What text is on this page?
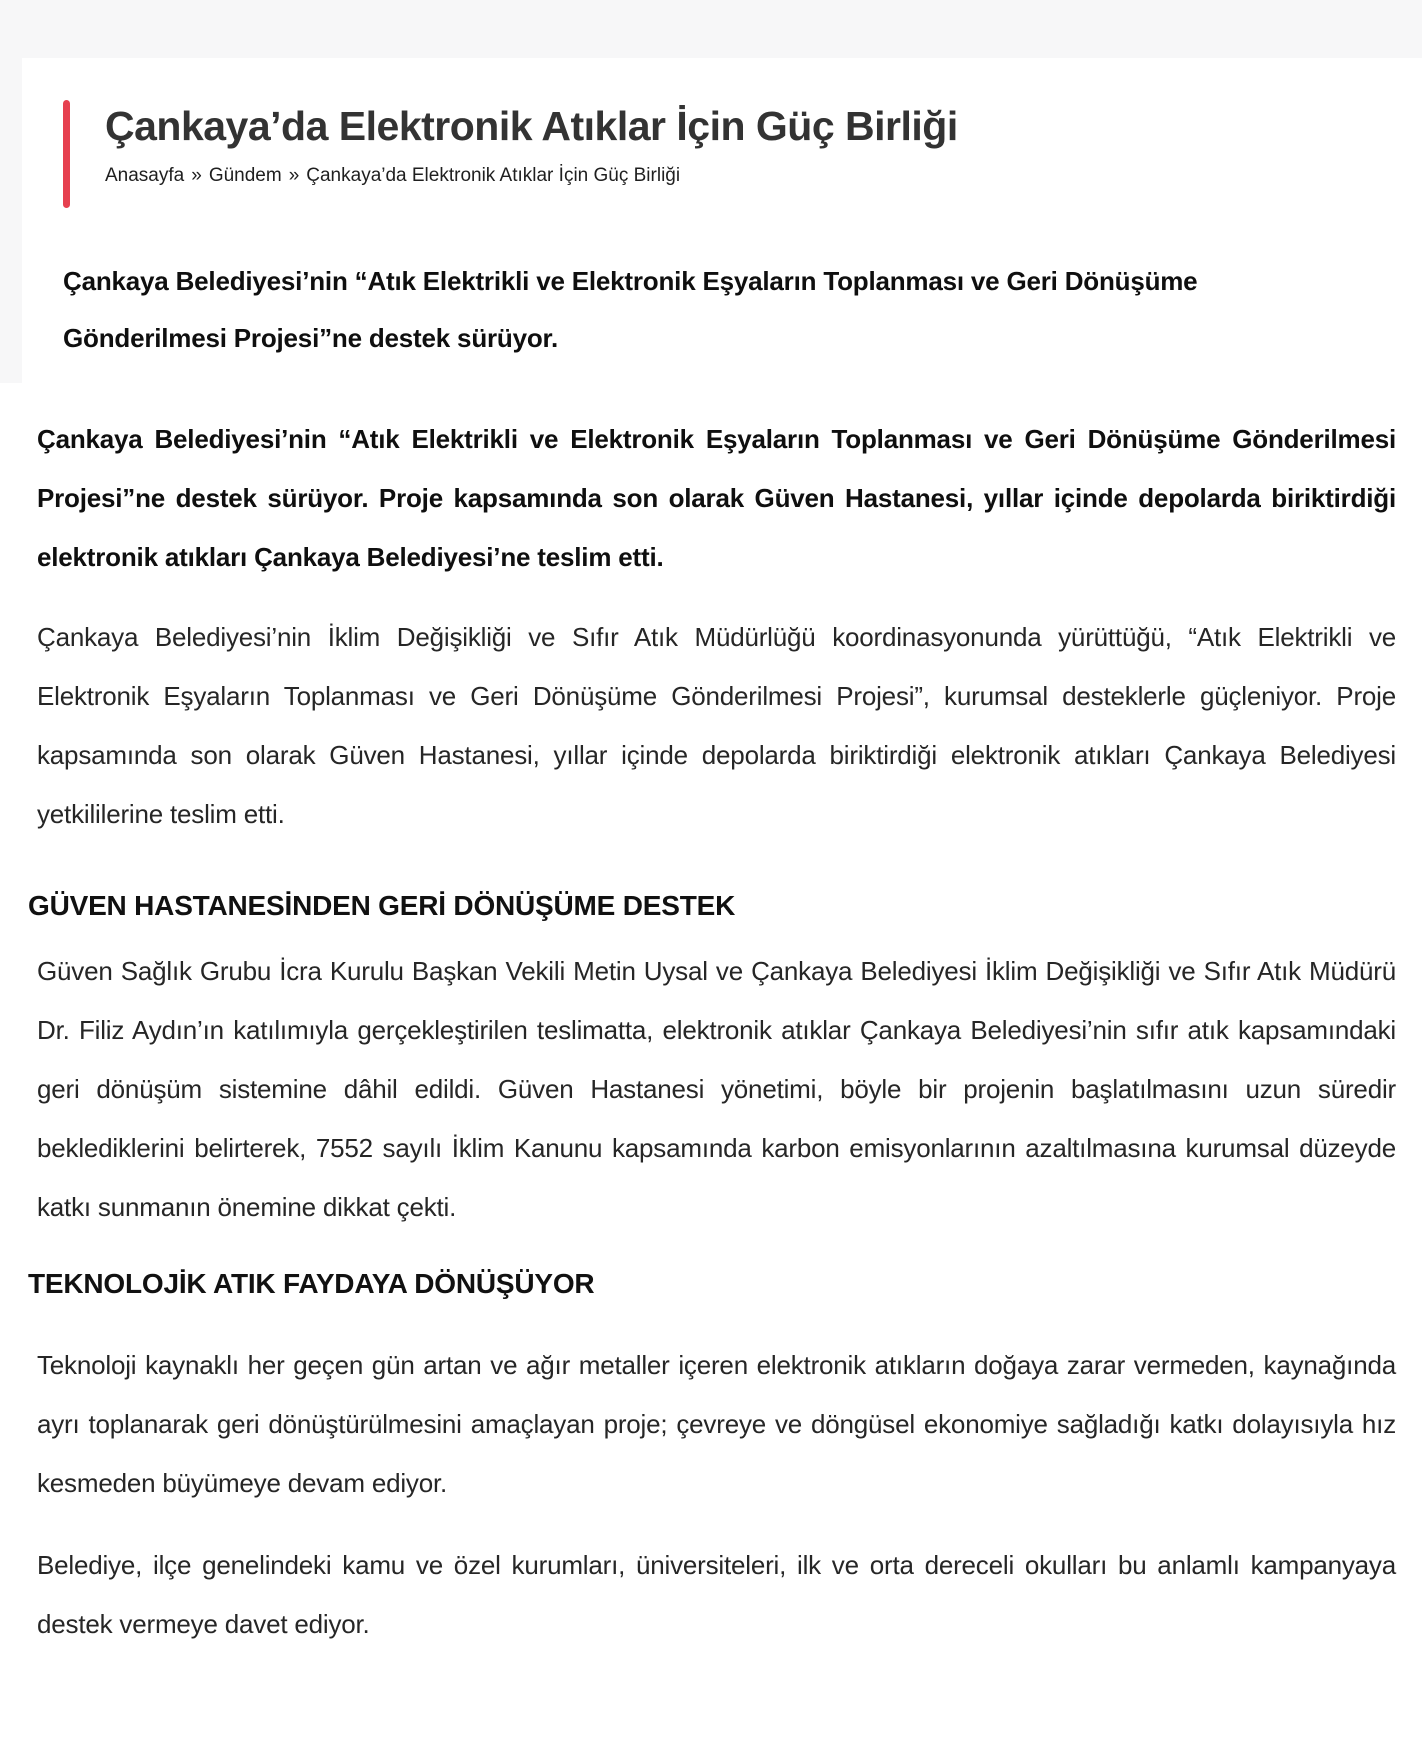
Çankaya’da Elektronik Atıklar İçin Güç Birliği
Anasayfa » Gündem » Çankaya’da Elektronik Atıklar İçin Güç Birliği

Çankaya Belediyesi’nin “Atık Elektrikli ve Elektronik Eşyaların Toplanması ve Geri Dönüşüme Gönderilmesi Projesi”ne destek sürüyor.

Çankaya Belediyesi’nin “Atık Elektrikli ve Elektronik Eşyaların Toplanması ve Geri Dönüşüme Gönderilmesi Projesi”ne destek sürüyor. Proje kapsamında son olarak Güven Hastanesi, yıllar içinde depolarda biriktirdiği elektronik atıkları Çankaya Belediyesi’ne teslim etti.

Çankaya Belediyesi’nin İklim Değişikliği ve Sıfır Atık Müdürlüğü koordinasyonunda yürüttüğü, “Atık Elektrikli ve Elektronik Eşyaların Toplanması ve Geri Dönüşüme Gönderilmesi Projesi”, kurumsal desteklerle güçleniyor. Proje kapsamında son olarak Güven Hastanesi, yıllar içinde depolarda biriktirdiği elektronik atıkları Çankaya Belediyesi yetkililerine teslim etti.

GÜVEN HASTANESİNDEN GERİ DÖNÜŞÜME DESTEK

Güven Sağlık Grubu İcra Kurulu Başkan Vekili Metin Uysal ve Çankaya Belediyesi İklim Değişikliği ve Sıfır Atık Müdürü Dr. Filiz Aydın’ın katılımıyla gerçekleştirilen teslimatta, elektronik atıklar Çankaya Belediyesi’nin sıfır atık kapsamındaki geri dönüşüm sistemine dâhil edildi. Güven Hastanesi yönetimi, böyle bir projenin başlatılmasını uzun süredir beklediklerini belirterek, 7552 sayılı İklim Kanunu kapsamında karbon emisyonlarının azaltılmasına kurumsal düzeyde katkı sunmanın önemine dikkat çekti.

TEKNOLOJİK ATIK FAYDAYA DÖNÜŞÜYOR

Teknoloji kaynaklı her geçen gün artan ve ağır metaller içeren elektronik atıkların doğaya zarar vermeden, kaynağında ayrı toplanarak geri dönüştürülmesini amaçlayan proje; çevreye ve döngüsel ekonomiye sağladığı katkı dolayısıyla hız kesmeden büyümeye devam ediyor.

Belediye, ilçe genelindeki kamu ve özel kurumları, üniversiteleri, ilk ve orta dereceli okulları bu anlamlı kampanyaya destek vermeye davet ediyor.
